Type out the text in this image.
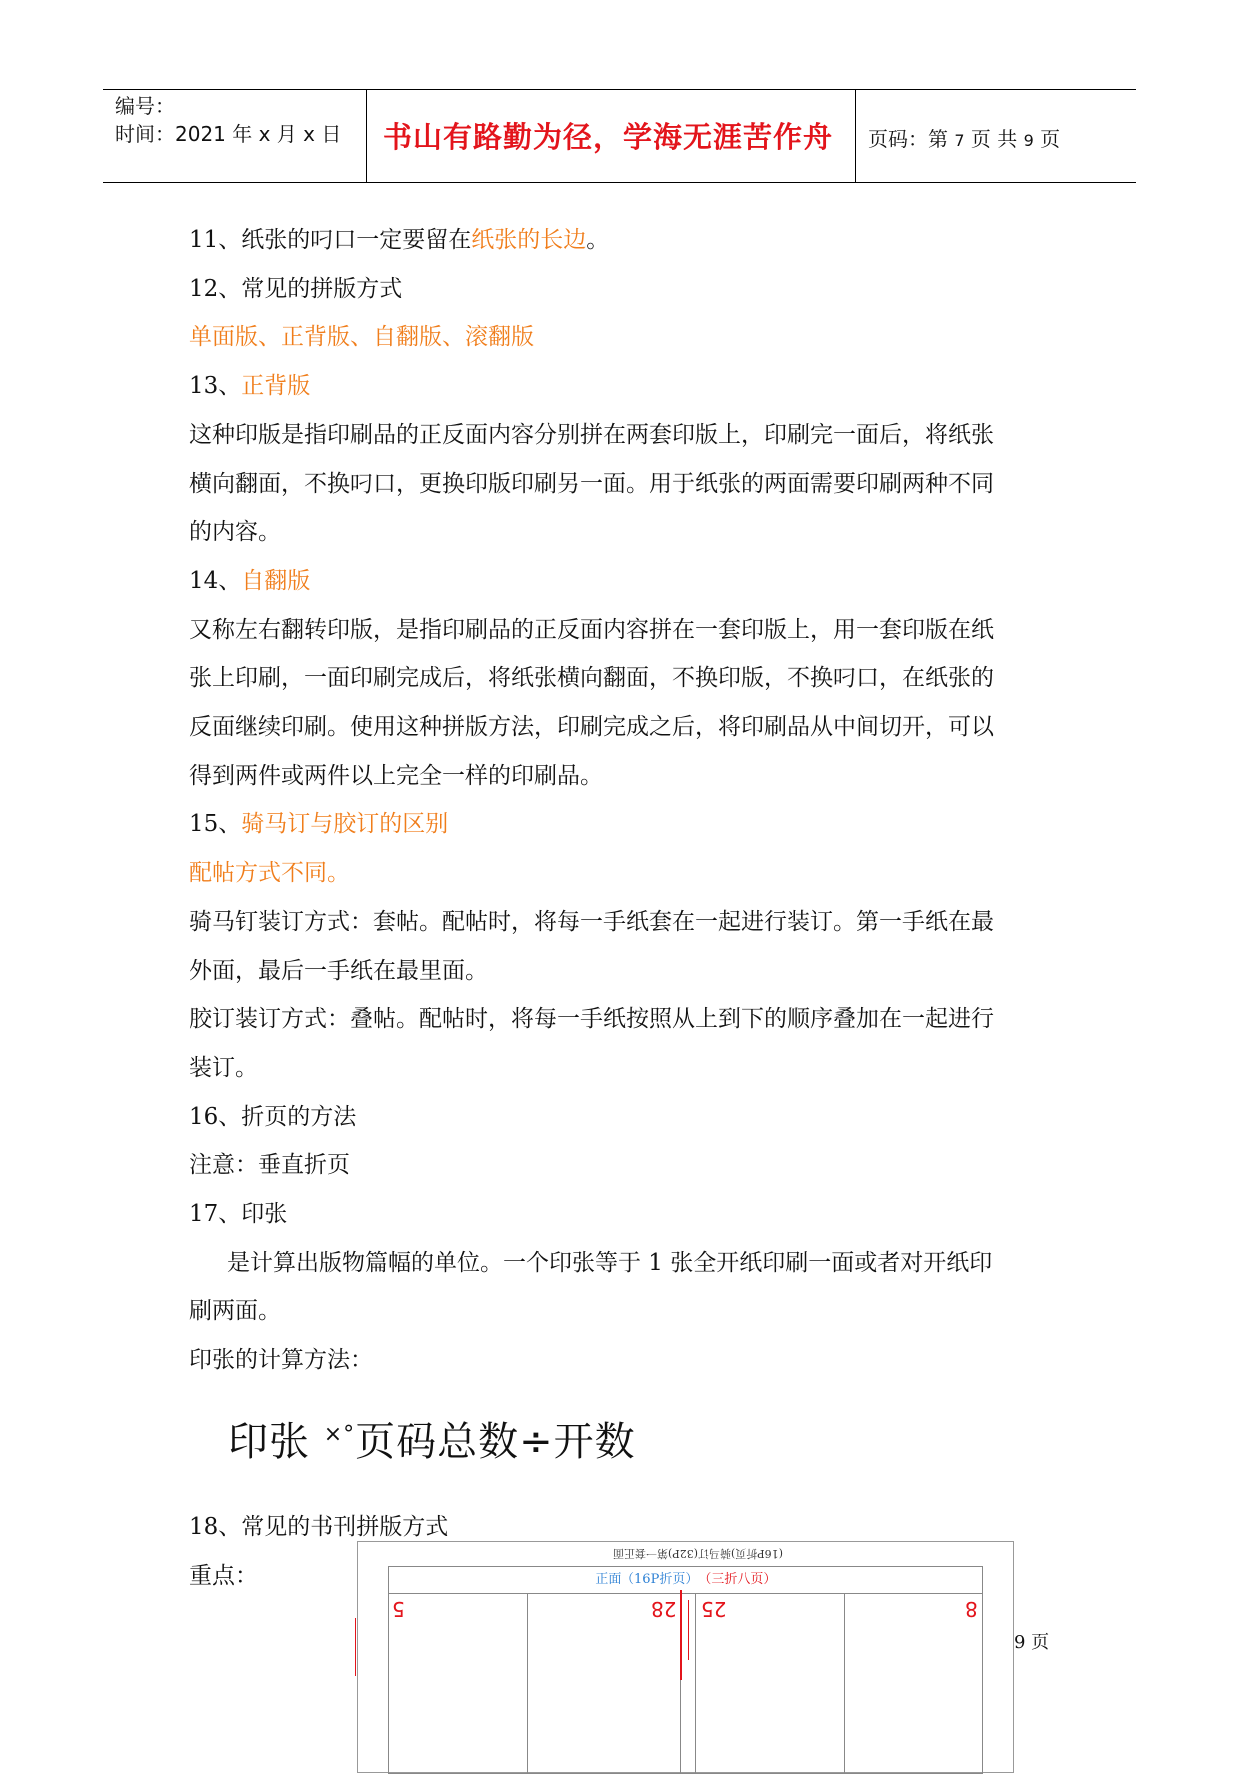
编号：
时间：2021 年 x 月 x 日	书山有路勤为径，学海无涯苦作舟	页码：第 7 页 共 9 页

11、纸张的叼口一定要留在纸张的长边。

12、常见的拼版方式

单面版、正背版、自翻版、滚翻版

13、正背版

这种印版是指印刷品的正反面内容分别拼在两套印版上，印刷完一面后，将纸张

横向翻面，不换叼口，更换印版印刷另一面。用于纸张的两面需要印刷两种不同

的内容。

14、自翻版

又称左右翻转印版，是指印刷品的正反面内容拼在一套印版上，用一套印版在纸

张上印刷，一面印刷完成后，将纸张横向翻面，不换印版，不换叼口，在纸张的

反面继续印刷。使用这种拼版方法，印刷完成之后，将印刷品从中间切开，可以

得到两件或两件以上完全一样的印刷品。

15、骑马订与胶订的区别

配帖方式不同。

骑马钉装订方式：套帖。配帖时，将每一手纸套在一起进行装订。第一手纸在最

外面，最后一手纸在最里面。

胶订装订方式：叠帖。配帖时，将每一手纸按照从上到下的顺序叠加在一起进行

装订。

16、折页的方法

注意：垂直折页

17、印张

是计算出版物篇幅的单位。一个印张等于 1 张全开纸印刷一面或者对开纸印

刷两面。

印张的计算方法：

印张 ×°页码总数÷开数

18、常见的书刊拼版方式

重点：

(16P折页)骑马订(32P)第一套正面
（三折八页）（16P折页）正面
5	28 25	8
9 页
